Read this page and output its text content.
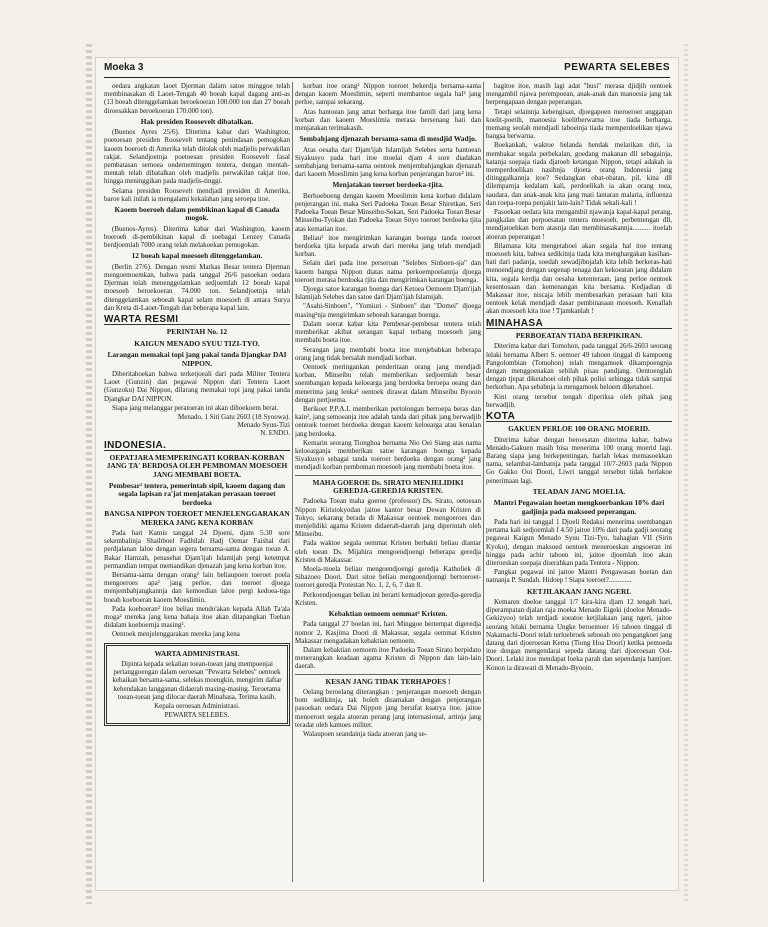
Moeka 3	PEWARTA SELEBES

oedara angkatan laoet Djerman dalam satoe minggoe telah membinasakan di Laoet-Tengah 40 boeah kapal dagang anti-as (13 boeah ditenggelamkan beroekoeran 100.000 ton dan 27 boeah diroesakkan beroekoeran 170.000 ton).

Hak presiden Roosevelt dibatalkan.

(Buenos Ayres 25/6). Diterima kabar dari Washington, poetoesan presiden Roosevelt tentang penindasan pemogokan kaoem boeroeh di Amerika telah ditolak oleh madjelis perwakilan rakjat. Selandjoetnja poetoesan presiden Roosevelt fasal pembatasan semoea ondernemingen tentera, dengan mentah-mentah telah dibatalkan oleh madjelis perwakilan rakjat itoe, hingga meninggikan pada madjelis-tinggi.

Selama presiden Roosevelt mendjadi presiden di Amerika, baroe kali inilah ia mengalami kekalahan jang seroepa itoe.

Kaoem boeroeh dalam pembikinan kapal di Canada mogok.

(Buenos-Ayres). Diterima kabar dari Washington, kaoem boeroeh di-pembikinan kapal di soebagai Lenzey Canada berdjoemlah 7000 orang telah melakoekan pemogokan.

12 boeah kapal moesoeh ditenggelamkan.

(Berlin 27/6). Dengan resmi Markas Besar tentera Djerman mengoemoemkan, bahwa pada tanggal 26/6 pasoekan oedara Djerman telah menenggelamkan sedjoemlah 12 boeah kapal moesoeh beroekoeran 74.000 ton. Selandjoetnja telah ditenggelamkan seboeah kapal selam moesoeh di antara Surya dan Kreta di-Laoet-Tengah dan beberapa kapal lain.

WARTA RESMI
PERINTAH No. 12
KAIGUN MENADO SYUU TIZI-TYO.
Larangan memakai topi jang pakai tanda Djangkar DAI NIPPON.

Diberitahoekan bahwa terketjoeali dari pada Militer Tentera Laoet (Gunzin) dan pegawai Nippon dari Tentera Laoet (Gunzoku) Dai Nippon, dilarang memakai topi jang pakai tanda Djangkar DAI NIPPON.

Siapa jang melanggar peratoeran ini akan dihoekoem berat.

Menado, 1 Siti Gatu 2603 (18 Syoowa).
Menado Syuu-Tizi
N. ENDO.
INDONESIA.
OEPATJARA MEMPERINGATI KORBAN-KORBAN JANG TA' BERDOSA OLEH PEMBOMAN MOESOEH JANG MEMBABI BOETA.
Pembesar² tentera, pemerintah sipil, kaoem dagang dan segala lapisan ra'jat menjatakan perasaan toeroet berdoeka
BANGSA NIPPON TOEROET MENJELENGGARAKAN MEREKA JANG KENA KORBAN

Pada hari Kamis tanggal 24 Djoeni, djam 5.30 sore sekembalinja Shaihboel Fadhilah Hadj Oemar Faishal dari perdjalanan laloe dengan segera bersama-sama dengan toean A. Bakar Hamzah, penasehat Djam'ijah Islamijah pergi ketempat permandian tempat memandikan djenazah jang kena korban itoe.

Bersama-sama dengan orang² lain beliaupoen toeroet poela mengoeroes apa² jang perloe, dan toeroet djoega menjembahjangkannja dan kemoedian laloe pergi kedoea-tiga boeah koeboeran kaoem Moeslimin.

Pada koeboeran² itoe beliau mendo'akan kepada Allah Ta'ala moga² mereka jang kena bahaja itoe akan ditapangkan Toehan didalam koeboernja masing².

Oentoek menjelenggarakan mereka jang kena

WARTA ADMINISTRASI.

Dipinta kepada sekalian toean-toean jang mempoenjai pertanggoengan dalam oeroesan "Pewarta Selebes" oentoek kebaikan bersama-sama, selekas moengkin, mengirim daftar kehendakan langganan didaerah masing-masing. Teroetama toean-toean jang dilocar daerah Minahasa, Terima kasih.

Kepala oeroesan Administrasi.

PEWARTA SELEBES.

korban itoe orang² Nippon toeroet bekerdja bersama-sama dengan kaoem Moeslimin, seperti membantoe segala hal² jang perloe, sampai sekarang.

Atas bantoean jang amat berharga itoe famili dari jang kena korban dan kaoem Moeslimia merasa bersenang hati dan menjatakan terimakasih.

Sembahjang djenazah bersama-sama di mesdjid Wadjo.

Atas oesaha dari Djam'ijah Islamijah Selebes serta bantoean Siyakusyo pada hari itoe moelai djam 4 sore diadakan sembahjang bersama-sama oentoek menjembahjangkan djenazah dari kaoem Moeslimin jang kena korban penjerangan baroe² ini.

Menjatakan toeroet berdoeka-tjita.

Berhoeboeng dengan kaoem Moeslimin kena korban didalam penjerangan ini, maka Seri Padoeka Toean Besar Shiretkan, Seri Padoeka Toean Besar Minseibu-Sokan, Seri Padoeka Toean Besar Minseibu-Tyokan dan Padoeka Toean Sityo toeroet berdoeka tjita atas kematian itoe.

Beliau² itoe mengirimkan karangan boenga tanda toeroet berdoeka tjita kepada arwah dari mereka jang telah mendjadi korban.

Selain dari pada itoe perseroan "Selebes Sinboen-sja" dan kaoem bangsa Nippon diatas nama perkoempoelannja djoega toeroet merasa berdoeka tjita dan mengirimkan karangan boenga.

Djoega satoe karangan boenga dari Ketoea Oemoem Djam'ijah Islamijah Selebes dan satoe dari Djam'ijah Islamijah.

"Asahi-Sinboen", "Yomiuri - Sinboen" dan "Domei" djoega masing²nja mengirimkan seboeah karangan boenga.

Dalam soerat kabar kita Pembesar-pembesar tentera telah memberikat akibat serangan kapal terbang moesoeh jang membabi boeta itoe.

Serangan jang membabi boeta itoe menjebabkan beberapa orang jang tidak bersalah mendjadi korban.

Oentoek meringankan penderitaan orang jang mendjadi korban, Minseibu telah memberikan sedjoemlah besar soembangan kepada keloearga jang berdoeka beroepa oeang dan menerima jang lenka² oentoek dirawat dalam Minseibu Byooin dengan pertjoema.

Berikoet P.P.A.I. memberikan pertolongan berroepa beras dan kain², jang semoeanja itoe adalah tanda dari pihak jang berwadjib oentoek toeroet berdoeka dengan kaoem keloearga atau kenalan jang berdoeka.

Kemarin seorang Tionghoa bernama Nio Oei Siang atas nama keloearganja memberikan satoe karangan boenga kepada Siyakusyo sebagai tanda toeroet berdoeka dengan orang² jang mendjadi korban pemboman moesoeh jang membabi boeta itoe.

MAHA GOEROE Ds. SIRATO MENJELIDIKI GEREDJA-GEREDJA KRISTEN.

Padoeka Toean maha goeroe (professor) Ds. Sirato, oetoesan Nippon Kiristokyodan jaitoe kantor besar Dewan Kristen di Tokyo, sekarang berada di Makassar oentoek mengoeroes dan menjelidiki agama Kristen didaerah-daerah jang diperintah oleh Minseibu.

Pada waktoe segala oemmat Kristen berbakti beliau diantar oleh toean Ds. Mijahira mengoendjoengi beberapa geredja Kristen di Makassar.

Moela-moela beliau mengoendjoengi geredja Katholiek di Sibazoeo Doori. Dari sitoe beliau mengoendjoengi bertoeroet-toeroet geredja Protestan No. 1, 2, 6, 7 dan 8.

Perkoendjoengan beliau ini berarti kemadjoean geredja-geredja Kristen.

Kebaktian oemoem oemmat² Kristen.

Pada tanggal 27 boelan ini, hari Minggoe bertempat digeredja nomor 2, Kasjima Doori di Makassar, segala oemmat Kristen Makassar mengadakan kebaktian oemoem.

Dalam kebaktian oemoem itoe Padoeka Toean Sirato berpidato menerangkan keadaan agama Kristen di Nippon dan lain-lain daerah.

KESAN JANG TIDAK TERHAPOES !

Oelang beroelang diterangkan : penjerangan moesoeh dengan bom sedikitnja, tak boleh disamakan dengan penjerangan pasoekan oedara Dai Nippon jang bersifat ksatrya itoe, jaitoe menoeroet segala atoeran perang jang internasional, artinja jang teradat oleh kamoes militer.

Walaupoen seandainja tiada atoeran jang se-

bagitoe itoe, masih lagi adat "busi" merasa djidjih oentoek mengambil njawa perempoean, anak-anak dan manoesia jang tak berpengapaan dengan peperangan.

Tetapi selainnja kebengisan, djoegapoen meroeroet anggapan koelit-poetih, manoesia koelitberwarna itoe tiada berharga, memang seolah mendjadi taboeinja tiada memperdoelikan njawa bangsa berwarna.

Boekankah, waktoe belanda hendak melarikan diri, ia membakar segala perbekalan, goedang makanan dll sebagainja, katanja soepaja tiada djatoeh ketangan Nippon, tetapi adakah ia memperdoelikan nasibnja djoeta orang Indonesia jang ditinggalkannja itoe? Sedangkan obat-obatan, pil, kina dll dilemparnja kedalam kali, perdoelikah ia akan orang toea, saudara, dan anak-anak kita jang mati lantaran malaria, influenza dan roepa-roepa penjakit lain-lain? Tidak sekali-kali !

Pasoekan oedara kita mengambil njawanja kapal-kapal perang, pangkalan dan perpoesatan tentera moesoeh, perbentengan dll, mendjatoehkan bom atasnja dan membinasakannja.......... itoelah atoeran peperangan !

Bilamana kita mengetahoei akan segala hal itoe tentang moesoeh kita, bahwa sedikitnja tiada kita menghargakan kasihan-hati dari padanja, soedah sewadjibnjalah kita lebih berkeras-hati menoendjang dengan segenap tenaga dan kekoeatan jang didalam kita, segala kerdja dan oesaha ketenteraan, jang perloe oentoek kesentosaan dan kemenangan kita bersama. Kedjadian di Makassar itoe, niscaja lebih membesarkan perasaan hati kita oentoek kelak mendjadi dasar pembinasaan moesoeh. Kenallah akan moesoeh kita itoe ! Tjamkanlah !

MINAHASA
PERBOEATAN TIADA BERPIKIRAN.

Diterima kabar dari Tomohon, pada tanggal 26/6-2603 seorang lelaki bernama Albert S. oemoer 49 tahoen tinggal di kampoeng Pangolombian (Tomohon) telah mengamoek dikampoengnja dengan menggoenakan sebilah pisau pandjang. Oentoenglah dengan tjepat diketahoei oleh pihak polisi sehingga tidak sampai berkorban. Apa sebabnja ia mengamoek beloem diketahoei.

Kini orang tersebut tengah diperiksa oleh pihak jang berwadjib.

KOTA
GAKUEN PERLOE 100 ORANG MOERID.

Diterima kabar dengan beroesatan diterima kabar, bahwa Menado-Gakuen masih bisa menerima 100 orang moerid lagi. Barang siapa jang berkepentingan, harlah lekas memasoekkan nama, selambat-lambatnja pada tanggal 10/7-2603 pada Nippon Go Gakko Ooi Doori, Liwri tanggal tersebut tidak berlakoe penerimaan lagi.

TELADAN JANG MOELIA.
Mantri Pegawaian hoetan mengkoerbankan 10% dari gadjinja pada maksoed peperangan.

Pada hari ini tanggal 1 Djoeli Redaksi menerima soembangan pertama kali sedjoemlah f 4.50 jaitoe 10% dari pada gadji seorang pegawai Kaigun Menado Syuu Tizi-Tyo, bahagian VII (Sirin Kyoku), dengan maksoed oentoek meneroeskan angsoeran ini hingga pada achir tahoen ini, jaitoe djoemlah itoe akan diteroeskan soepaja diserahkan pada Tentera - Nippon.

Pangkat pegawai ini jaitoe Mantri Pengawasan hoetan dan namanja P. Sundah. Hidoep ! Siapa toeroet?.............

KETJILAKAAN JANG NGERI.

Kemaren doeloe tanggal 1/7 kira-kira djam 12 tengah hari, diperampatan djalan raja moeka Menado Eigeki (doeloe Menado-Gekizyoo) telah terdjadi soeatoe ketjilakaan jang ngeri, jaitoe seorang lelaki bernama Ungke beroemoer 16 tahoen tinggal di Nakamachi-Doori telah terloebroek seboeah oto pengangkoet jang datang dari djoeroesan Kema (Tiong Hoa Doori) ketika pemoeda itoe dengan mengendarai sepeda datang dari djoeroesan Ooi-Doori. Lelaki itoe mendapat loeka parah dan sependanja hantjoer. Konon ia dirawati di Menado-Byooin.
